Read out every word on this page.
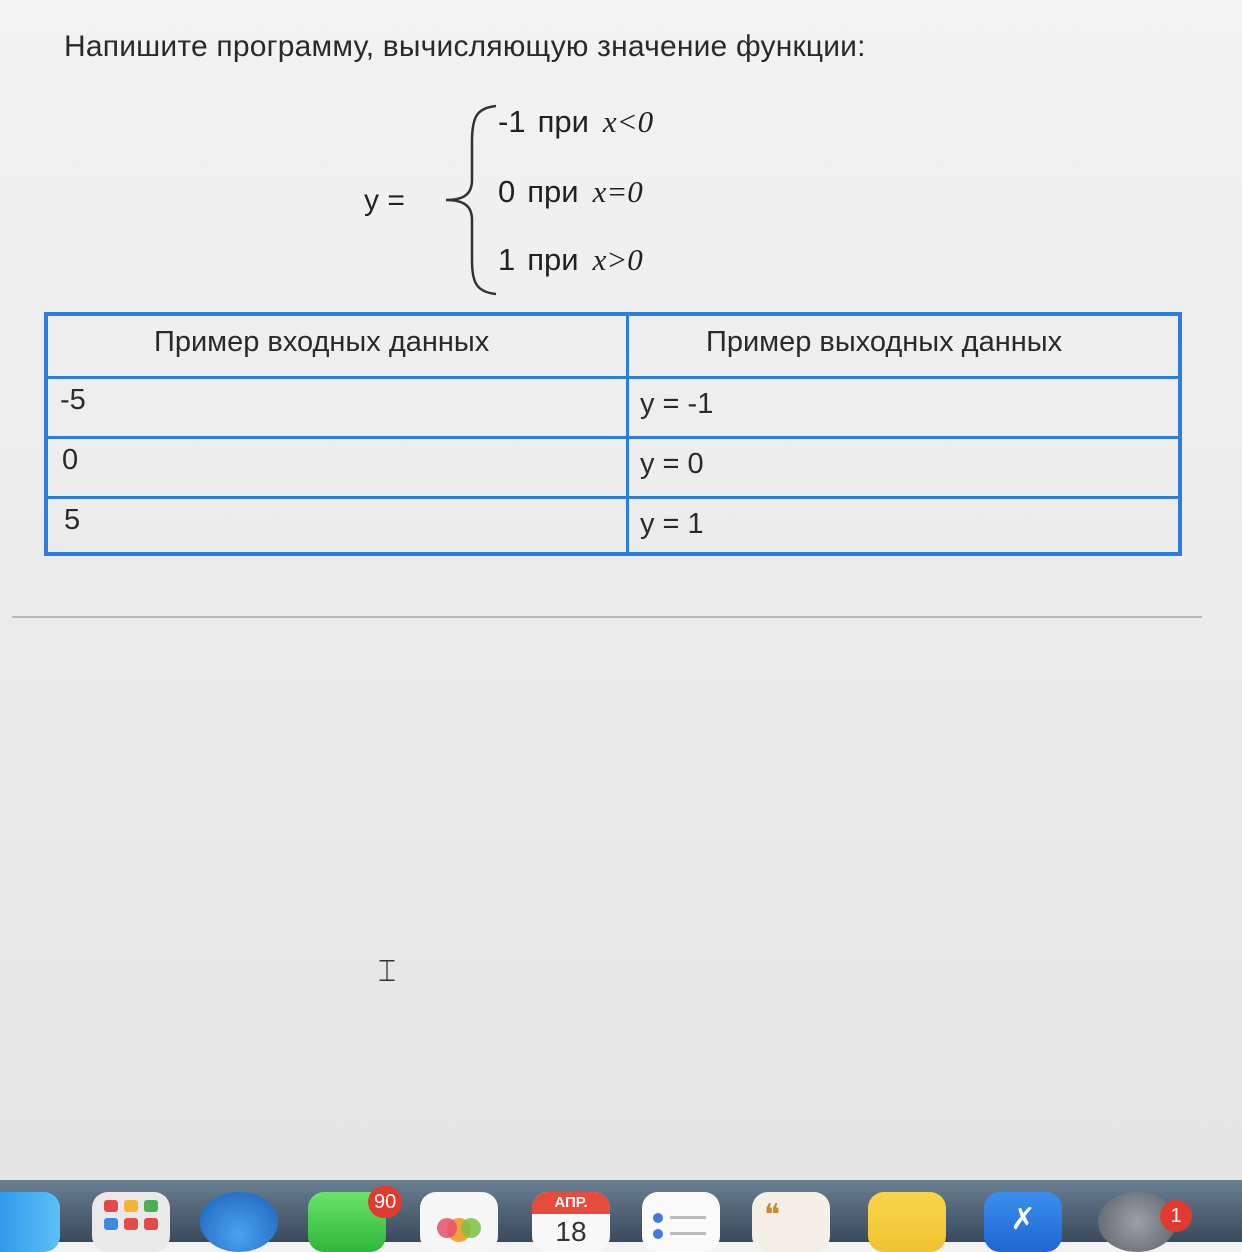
Напишите программу, вычисляющую значение функции:
y =
-1 при x<0
0 при x=0
1 при x>0
Пример входных данных	Пример выходных данных
-5	y = -1
0	y = 0
5	y = 1
⌶
АПР.
18	❝	✗
90
1
